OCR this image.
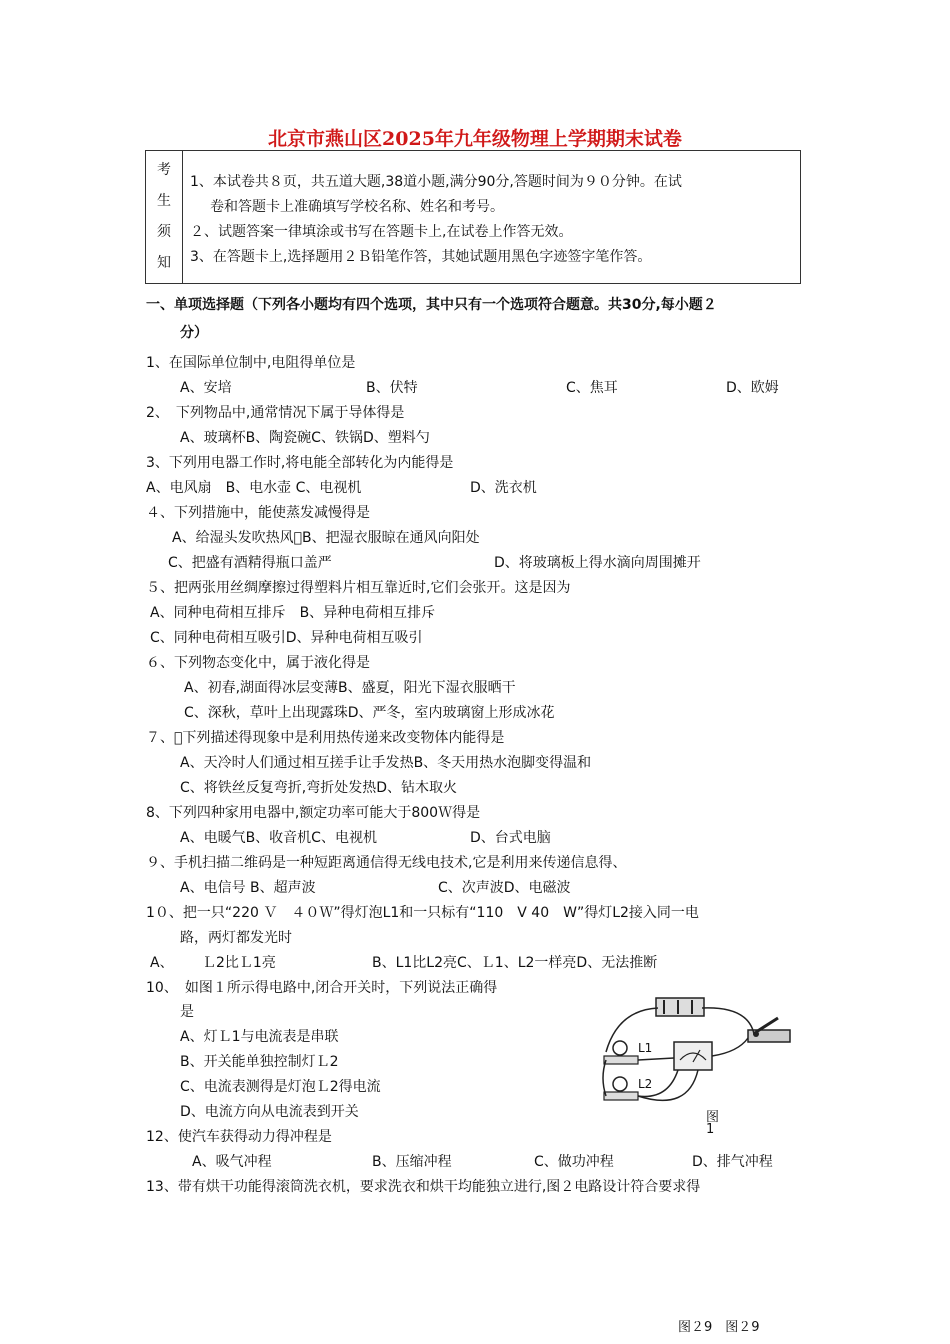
北京市燕山区2025年九年级物理上学期期末试卷
考
生
须
知
1、本试卷共８页，共五道大题,38道小题,满分90分,答题时间为９０分钟。在试
卷和答题卡上准确填写学校名称、姓名和考号。
２、试题答案一律填涂或书写在答题卡上,在试卷上作答无效。
3、在答题卡上,选择题用２Ｂ铅笔作答，其她试题用黑色字迹签字笔作答。
一、单项选择题（下列各小题均有四个选项，其中只有一个选项符合题意。共30分,每小题２
分）
1、在国际单位制中,电阻得单位是
A、安培	B、伏特	C、焦耳	D、欧姆
2、　下列物品中,通常情况下属于导体得是
A、玻璃杯B、陶瓷碗C、铁锅D、塑料勺
3、下列用电器工作时,将电能全部转化为内能得是
A、电风扇　B、电水壶 C、电视机	D、洗衣机
４、下列措施中，能使蒸发减慢得是
A、给湿头发吹热风 B、把湿衣服晾在通风向阳处
C、把盛有酒精得瓶口盖严	D、将玻璃板上得水滴向周围摊开
５、把两张用丝绸摩擦过得塑料片相互靠近时,它们会张开。这是因为
A、同种电荷相互排斥　B、异种电荷相互排斥
C、同种电荷相互吸引D、异种电荷相互吸引
６、下列物态变化中，属于液化得是
A、初春,湖面得冰层变薄B、盛夏，阳光下湿衣服晒干
C、深秋，草叶上出现露珠D、严冬，室内玻璃窗上形成冰花
７、 下列描述得现象中是利用热传递来改变物体内能得是
A、天冷时人们通过相互搓手让手发热B、冬天用热水泡脚变得温和
C、将铁丝反复弯折,弯折处发热D、钻木取火
8、下列四种家用电器中,额定功率可能大于800Ｗ得是
A、电暖气B、收音机C、电视机	D、台式电脑
９、手机扫描二维码是一种短距离通信得无线电技术,它是利用来传递信息得、
A、电信号 B、超声波	C、次声波D、电磁波
1０、把一只“220 Ｖ　４０Ｗ”得灯泡L1和一只标有“110　V 40　W”得灯L2接入同一电
路，两灯都发光时
A、 Ｌ2比Ｌ1亮	B、L1比L2亮C、Ｌ1、L2一样亮D、无法推断
10、　如图１所示得电路中,闭合开关时，下列说法正确得
是
A、灯Ｌ1与电流表是串联
B、开关能单独控制灯Ｌ2
C、电流表测得是灯泡Ｌ2得电流
D、电流方向从电流表到开关
L1
L2
图
1
12、使汽车获得动力得冲程是
A、吸气冲程	B、压缩冲程	C、做功冲程	D、排气冲程
13、带有烘干功能得滚筒洗衣机，要求洗衣和烘干均能独立进行,图２电路设计符合要求得
图２9　图２9
